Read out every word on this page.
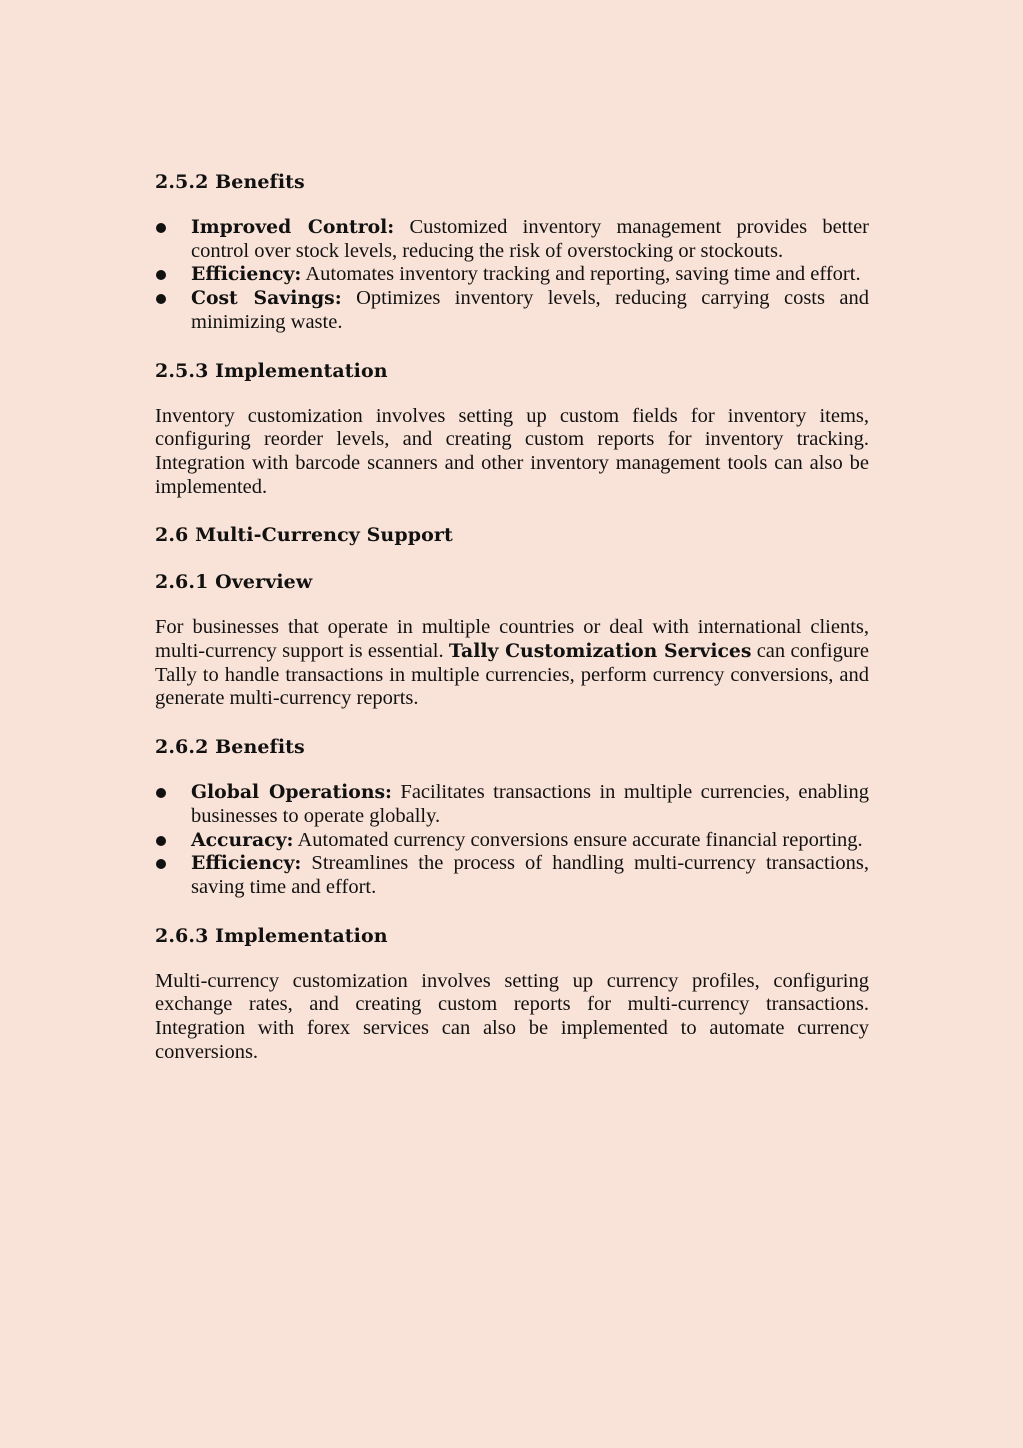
2.5.2 Benefits
Improved Control: Customized inventory management provides better control over stock levels, reducing the risk of overstocking or stockouts.
Efficiency: Automates inventory tracking and reporting, saving time and effort.
Cost Savings: Optimizes inventory levels, reducing carrying costs and minimizing waste.
2.5.3 Implementation

Inventory customization involves setting up custom fields for inventory items, configuring reorder levels, and creating custom reports for inventory tracking. Integration with barcode scanners and other inventory management tools can also be implemented.

2.6 Multi-Currency Support
2.6.1 Overview

For businesses that operate in multiple countries or deal with international clients, multi-currency support is essential. Tally Customization Services can configure Tally to handle transactions in multiple currencies, perform currency conversions, and generate multi-currency reports.

2.6.2 Benefits
Global Operations: Facilitates transactions in multiple currencies, enabling businesses to operate globally.
Accuracy: Automated currency conversions ensure accurate financial reporting.
Efficiency: Streamlines the process of handling multi-currency transactions, saving time and effort.
2.6.3 Implementation

Multi-currency customization involves setting up currency profiles, configuring exchange rates, and creating custom reports for multi-currency transactions. Integration with forex services can also be implemented to automate currency conversions.
